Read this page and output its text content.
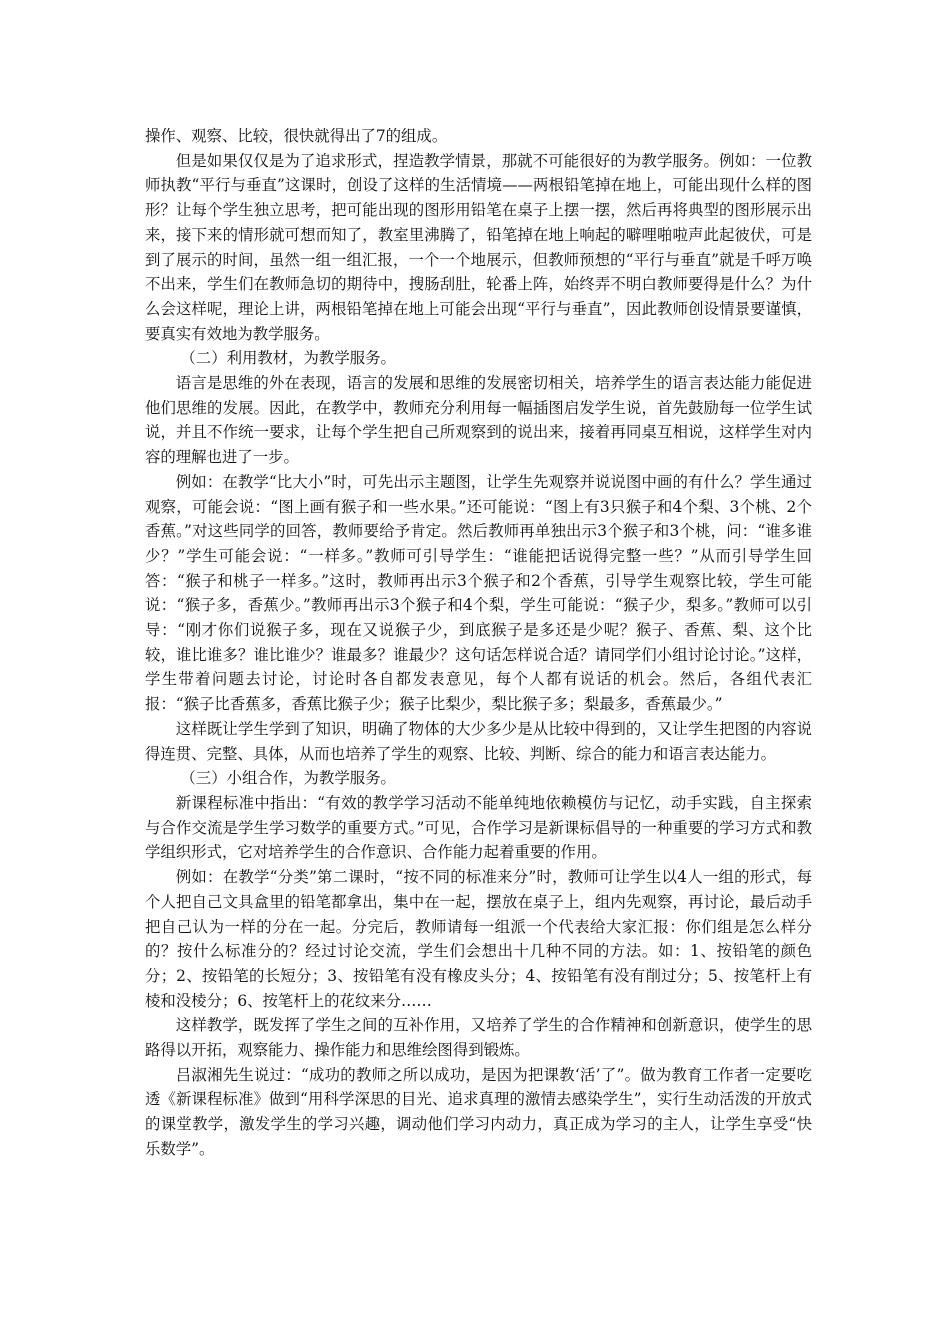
操作、观察、比较，很快就得出了7的组成。

但是如果仅仅是为了追求形式，捏造教学情景，那就不可能很好的为教学服务。例如：一位教师执教“平行与垂直”这课时，创设了这样的生活情境——两根铅笔掉在地上，可能出现什么样的图形？让每个学生独立思考，把可能出现的图形用铅笔在桌子上摆一摆，然后再将典型的图形展示出来，接下来的情形就可想而知了，教室里沸腾了，铅笔掉在地上响起的噼哩啪啦声此起彼伏，可是到了展示的时间，虽然一组一组汇报，一个一个地展示，但教师预想的“平行与垂直”就是千呼万唤不出来，学生们在教师急切的期待中，搜肠刮肚，轮番上阵，始终弄不明白教师要得是什么？为什么会这样呢，理论上讲，两根铅笔掉在地上可能会出现“平行与垂直”，因此教师创设情景要谨慎，要真实有效地为教学服务。

（二）利用教材，为教学服务。

语言是思维的外在表现，语言的发展和思维的发展密切相关，培养学生的语言表达能力能促进他们思维的发展。因此，在教学中，教师充分利用每一幅插图启发学生说，首先鼓励每一位学生试说，并且不作统一要求，让每个学生把自己所观察到的说出来，接着再同桌互相说，这样学生对内容的理解也进了一步。

例如：在教学“比大小”时，可先出示主题图，让学生先观察并说说图中画的有什么？学生通过观察，可能会说：“图上画有猴子和一些水果。”还可能说：“图上有3只猴子和4个梨、3个桃、2个香蕉。”对这些同学的回答，教师要给予肯定。然后教师再单独出示3个猴子和3个桃，问：“谁多谁少？”学生可能会说：“一样多。”教师可引导学生：“谁能把话说得完整一些？”从而引导学生回答：“猴子和桃子一样多。”这时，教师再出示3个猴子和2个香蕉，引导学生观察比较，学生可能说：“猴子多，香蕉少。”教师再出示3个猴子和4个梨，学生可能说：“猴子少，梨多。”教师可以引导：“刚才你们说猴子多，现在又说猴子少，到底猴子是多还是少呢？猴子、香蕉、梨、这个比较，谁比谁多？谁比谁少？谁最多？谁最少？这句话怎样说合适？请同学们小组讨论讨论。”这样，学生带着问题去讨论，讨论时各自都发表意见，每个人都有说话的机会。然后，各组代表汇报：“猴子比香蕉多，香蕉比猴子少；猴子比梨少，梨比猴子多；梨最多，香蕉最少。”

这样既让学生学到了知识，明确了物体的大少多少是从比较中得到的，又让学生把图的内容说得连贯、完整、具体，从而也培养了学生的观察、比较、判断、综合的能力和语言表达能力。

（三）小组合作，为教学服务。

新课程标准中指出：“有效的教学学习活动不能单纯地依赖模仿与记忆，动手实践，自主探索与合作交流是学生学习数学的重要方式。”可见，合作学习是新课标倡导的一种重要的学习方式和教学组织形式，它对培养学生的合作意识、合作能力起着重要的作用。

例如：在教学“分类”第二课时，“按不同的标准来分”时，教师可让学生以4人一组的形式，每个人把自己文具盒里的铅笔都拿出，集中在一起，摆放在桌子上，组内先观察，再讨论，最后动手把自己认为一样的分在一起。分完后，教师请每一组派一个代表给大家汇报：你们组是怎么样分的？按什么标准分的？经过讨论交流，学生们会想出十几种不同的方法。如：1、按铅笔的颜色分；2、按铅笔的长短分；3、按铅笔有没有橡皮头分；4、按铅笔有没有削过分；5、按笔杆上有棱和没棱分；6、按笔杆上的花纹来分……

这样教学，既发挥了学生之间的互补作用，又培养了学生的合作精神和创新意识，使学生的思路得以开拓，观察能力、操作能力和思维绘图得到锻炼。

吕淑湘先生说过：“成功的教师之所以成功，是因为把课教‘活’了”。做为教育工作者一定要吃透《新课程标准》做到“用科学深思的目光、追求真理的激情去感染学生”，实行生动活泼的开放式的课堂教学，激发学生的学习兴趣，调动他们学习内动力，真正成为学习的主人，让学生享受“快乐数学”。
